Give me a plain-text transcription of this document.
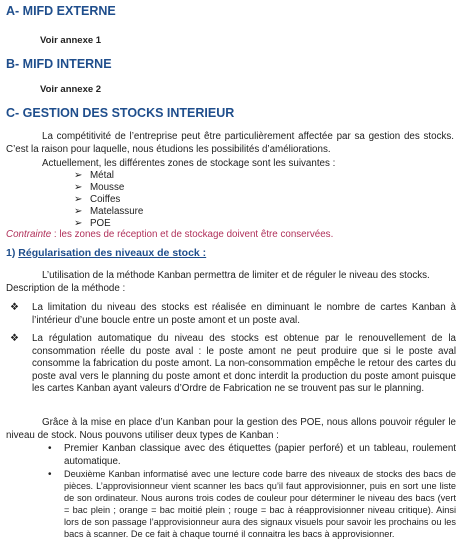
A- MIFD EXTERNE
Voir annexe 1
B- MIFD INTERNE
Voir annexe 2
C- GESTION DES STOCKS INTERIEUR
La compétitivité de l’entreprise peut être particulièrement affectée par sa gestion des stocks. C’est la raison pour laquelle, nous étudions les possibilités d’améliorations.
Actuellement, les différentes zones de stockage sont les suivantes :
➢ Métal
➢ Mousse
➢ Coiffes
➢ Matelassure
➢ POE
Contrainte : les zones de réception et de stockage doivent être conservées.
1) Régularisation des niveaux de stock :
L’utilisation de la méthode Kanban permettra de limiter et de réguler le niveau des stocks.
Description de la méthode :
❖ La limitation du niveau des stocks est réalisée en diminuant le nombre de cartes Kanban à l’intérieur d’une boucle entre un poste amont et un poste aval.
❖ La régulation automatique du niveau des stocks est obtenue par le renouvellement de la consommation réelle du poste aval : le poste amont ne peut produire que si le poste aval consomme la fabrication du poste amont. La non-consommation empêche le retour des cartes du poste aval vers le planning du poste amont et donc interdit la production du poste amont puisque les cartes Kanban ayant valeurs d’Ordre de Fabrication ne se trouvent pas sur le planning.
Grâce à la mise en place d’un Kanban pour la gestion des POE, nous allons pouvoir réguler le niveau de stock. Nous pouvons utiliser deux types de Kanban :
• Premier Kanban classique avec des étiquettes (papier perforé) et un tableau, roulement automatique.
• Deuxième Kanban informatisé avec une lecture code barre des niveaux de stocks des bacs de pièces. L’approvisionneur vient scanner les bacs qu’il faut approvisionner, puis en sort une liste de son ordinateur. Nous aurons trois codes de couleur pour déterminer le niveau des bacs (vert = bac plein ; orange = bac moitié plein ; rouge = bac à réapprovisionner niveau critique). Ainsi lors de son passage l’approvisionneur aura des signaux visuels pour savoir les prochains ou les bacs à scanner. De ce fait à chaque tourné il connaitra les bacs à approvisionner.
